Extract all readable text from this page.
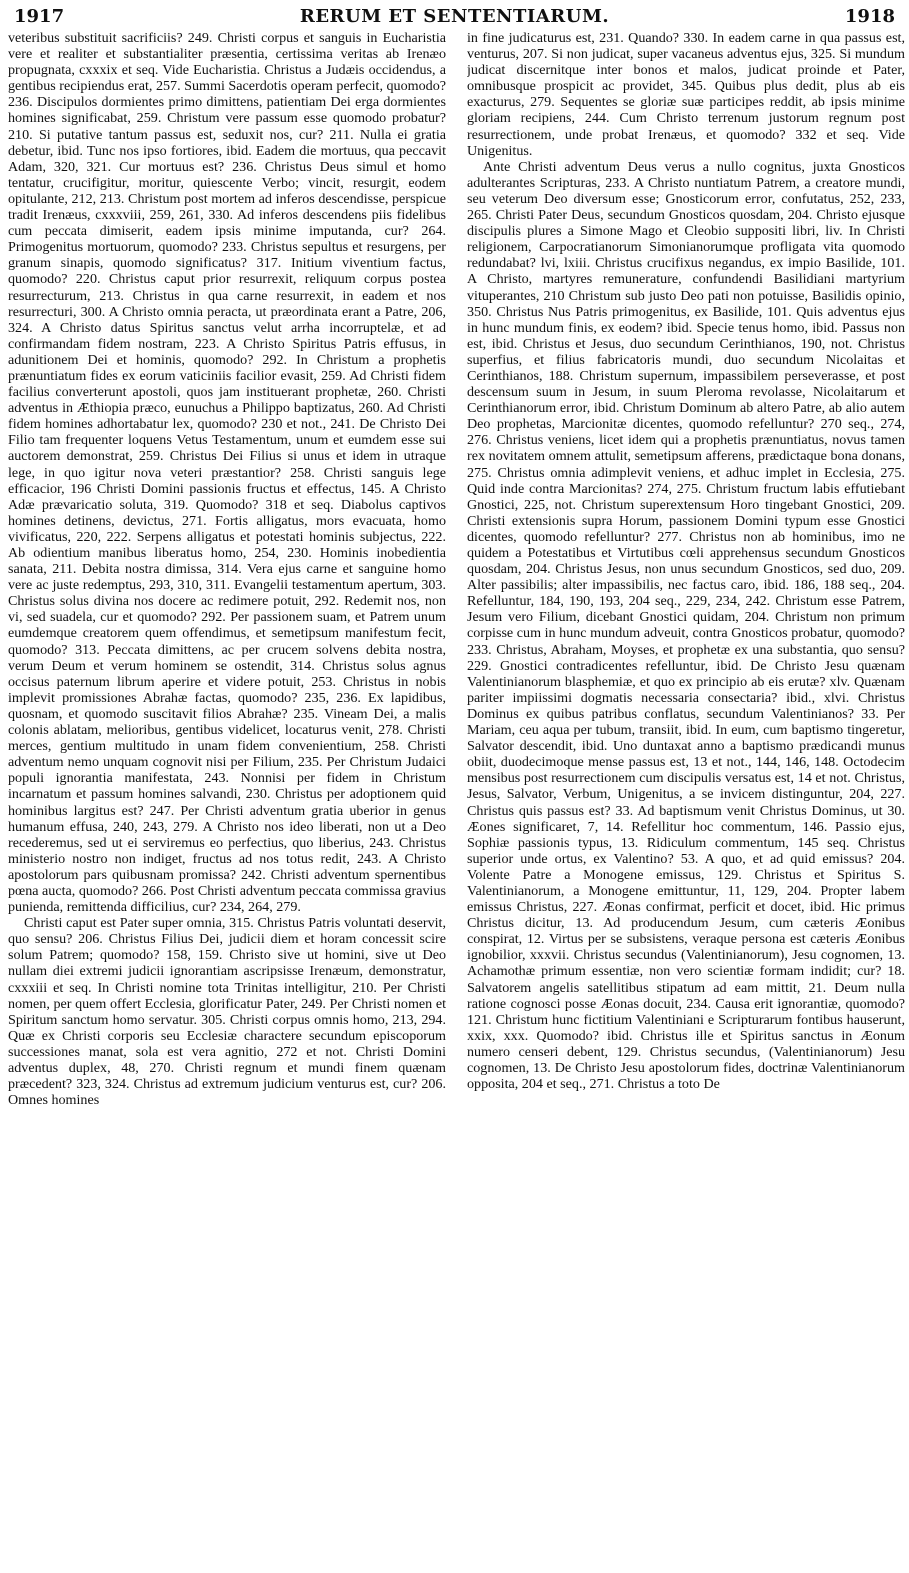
1917	RERUM ET SENTENTIARUM.	1918

veteribus substituit sacrificiis? 249. Christi corpus et sanguis in Eucharistia vere et realiter et substantialiter præsentia, certissima veritas ab Irenæo propugnata, cxxxix et seq. Vide Eucharistia. Christus a Judæis occidendus, a gentibus recipiendus erat, 257. Summi Sacerdotis operam perfecit, quomodo? 236. Discipulos dormientes primo dimittens, patientiam Dei erga dormientes homines significabat, 259. Christum vere passum esse quomodo probatur? 210. Si putative tantum passus est, seduxit nos, cur? 211. Nulla ei gratia debetur, ibid. Tunc nos ipso fortiores, ibid. Eadem die mortuus, qua peccavit Adam, 320, 321. Cur mortuus est? 236. Christus Deus simul et homo tentatur, crucifigitur, moritur, quiescente Verbo; vincit, resurgit, eodem opitulante, 212, 213. Christum post mortem ad inferos descendisse, perspicue tradit Irenæus, cxxxviii, 259, 261, 330. Ad inferos descendens piis fidelibus cum peccata dimiserit, eadem ipsis minime imputanda, cur? 264. Primogenitus mortuorum, quomodo? 233. Christus sepultus et resurgens, per granum sinapis, quomodo significatus? 317. Initium viventium factus, quomodo? 220. Christus caput prior resurrexit, reliquum corpus postea resurrecturum, 213. Christus in qua carne resurrexit, in eadem et nos resurrecturi, 300. A Christo omnia peracta, ut præordinata erant a Patre, 206, 324. A Christo datus Spiritus sanctus velut arrha incorruptelæ, et ad confirmandam fidem nostram, 223. A Christo Spiritus Patris effusus, in adunitionem Dei et hominis, quomodo? 292. In Christum a prophetis prænuntiatum fides ex eorum vaticiniis facilior evasit, 259. Ad Christi fidem facilius converterunt apostoli, quos jam instituerant prophetæ, 260. Christi adventus in Æthiopia præco, eunuchus a Philippo baptizatus, 260. Ad Christi fidem homines adhortabatur lex, quomodo? 230 et not., 241. De Christo Dei Filio tam frequenter loquens Vetus Testamentum, unum et eumdem esse sui auctorem demonstrat, 259. Christus Dei Filius si unus et idem in utraque lege, in quo igitur nova veteri præstantior? 258. Christi sanguis lege efficacior, 196 Christi Domini passionis fructus et effectus, 145. A Christo Adæ prævaricatio soluta, 319. Quomodo? 318 et seq. Diabolus captivos homines detinens, devictus, 271. Fortis alligatus, mors evacuata, homo vivificatus, 220, 222. Serpens alligatus et potestati hominis subjectus, 222. Ab odientium manibus liberatus homo, 254, 230. Hominis inobedientia sanata, 211. Debita nostra dimissa, 314. Vera ejus carne et sanguine homo vere ac juste redemptus, 293, 310, 311. Evangelii testamentum apertum, 303. Christus solus divina nos docere ac redimere potuit, 292. Redemit nos, non vi, sed suadela, cur et quomodo? 292. Per passionem suam, et Patrem unum eumdemque creatorem quem offendimus, et semetipsum manifestum fecit, quomodo? 313. Peccata dimittens, ac per crucem solvens debita nostra, verum Deum et verum hominem se ostendit, 314. Christus solus agnus occisus paternum librum aperire et videre potuit, 253. Christus in nobis implevit promissiones Abrahæ factas, quomodo? 235, 236. Ex lapidibus, quosnam, et quomodo suscitavit filios Abrahæ? 235. Vineam Dei, a malis colonis ablatam, melioribus, gentibus videlicet, locaturus venit, 278. Christi merces, gentium multitudo in unam fidem convenientium, 258. Christi adventum nemo unquam cognovit nisi per Filium, 235. Per Christum Judaici populi ignorantia manifestata, 243. Nonnisi per fidem in Christum incarnatum et passum homines salvandi, 230. Christus per adoptionem quid hominibus largitus est? 247. Per Christi adventum gratia uberior in genus humanum effusa, 240, 243, 279. A Christo nos ideo liberati, non ut a Deo recederemus, sed ut ei serviremus eo perfectius, quo liberius, 243. Christus ministerio nostro non indiget, fructus ad nos totus redit, 243. A Christo apostolorum pars quibusnam promissa? 242. Christi adventum spernentibus pœna aucta, quomodo? 266. Post Christi adventum peccata commissa gravius punienda, remittenda difficilius, cur? 234, 264, 279.

Christi caput est Pater super omnia, 315. Christus Patris voluntati deservit, quo sensu? 206. Christus Filius Dei, judicii diem et horam concessit scire solum Patrem; quomodo? 158, 159. Christo sive ut homini, sive ut Deo nullam diei extremi judicii ignorantiam ascripsisse Irenæum, demonstratur, cxxxiii et seq. In Christi nomine tota Trinitas intelligitur, 210. Per Christi nomen, per quem offert Ecclesia, glorificatur Pater, 249. Per Christi nomen et Spiritum sanctum homo servatur. 305. Christi corpus omnis homo, 213, 294. Quæ ex Christi corporis seu Ecclesiæ charactere secundum episcoporum successiones manat, sola est vera agnitio, 272 et not. Christi Domini adventus duplex, 48, 270. Christi regnum et mundi finem quænam præcedent? 323, 324. Christus ad extremum judicium venturus est, cur? 206. Omnes homines

in fine judicaturus est, 231. Quando? 330. In eadem carne in qua passus est, venturus, 207. Si non judicat, super vacaneus adventus ejus, 325. Si mundum judicat discernitque inter bonos et malos, judicat proinde et Pater, omnibusque prospicit ac providet, 345. Quibus plus dedit, plus ab eis exacturus, 279. Sequentes se gloriæ suæ participes reddit, ab ipsis minime gloriam recipiens, 244. Cum Christo terrenum justorum regnum post resurrectionem, unde probat Irenæus, et quomodo? 332 et seq. Vide Unigenitus.

Ante Christi adventum Deus verus a nullo cognitus, juxta Gnosticos adulterantes Scripturas, 233. A Christo nuntiatum Patrem, a creatore mundi, seu veterum Deo diversum esse; Gnosticorum error, confutatus, 252, 233, 265. Christi Pater Deus, secundum Gnosticos quosdam, 204. Christo ejusque discipulis plures a Simone Mago et Cleobio suppositi libri, liv. In Christi religionem, Carpocratianorum Simonianorumque profligata vita quomodo redundabat? lvi, lxiii. Christus crucifixus negandus, ex impio Basilide, 101. A Christo, martyres remunerature, confundendi Basilidiani martyrium vituperantes, 210 Christum sub justo Deo pati non potuisse, Basilidis opinio, 350. Christus Nus Patris primogenitus, ex Basilide, 101. Quis adventus ejus in hunc mundum finis, ex eodem? ibid. Specie tenus homo, ibid. Passus non est, ibid. Christus et Jesus, duo secundum Cerinthianos, 190, not. Christus superfius, et filius fabricatoris mundi, duo secundum Nicolaitas et Cerinthianos, 188. Christum supernum, impassibilem perseverasse, et post descensum suum in Jesum, in suum Pleroma revolasse, Nicolaitarum et Cerinthianorum error, ibid. Christum Dominum ab altero Patre, ab alio autem Deo prophetas, Marcionitæ dicentes, quomodo refelluntur? 270 seq., 274, 276. Christus veniens, licet idem qui a prophetis prænuntiatus, novus tamen rex novitatem omnem attulit, semetipsum afferens, prædictaque bona donans, 275. Christus omnia adimplevit veniens, et adhuc implet in Ecclesia, 275. Quid inde contra Marcionitas? 274, 275. Christum fructum labis effutiebant Gnostici, 225, not. Christum superextensum Horo tingebant Gnostici, 209. Christi extensionis supra Horum, passionem Domini typum esse Gnostici dicentes, quomodo refelluntur? 277. Christus non ab hominibus, imo ne quidem a Potestatibus et Virtutibus cœli apprehensus secundum Gnosticos quosdam, 204. Christus Jesus, non unus secundum Gnosticos, sed duo, 209. Alter passibilis; alter impassibilis, nec factus caro, ibid. 186, 188 seq., 204. Refelluntur, 184, 190, 193, 204 seq., 229, 234, 242. Christum esse Patrem, Jesum vero Filium, dicebant Gnostici quidam, 204. Christum non primum corpisse cum in hunc mundum adveuit, contra Gnosticos probatur, quomodo? 233. Christus, Abraham, Moyses, et prophetæ ex una substantia, quo sensu? 229. Gnostici contradicentes refelluntur, ibid. De Christo Jesu quænam Valentinianorum blasphemiæ, et quo ex principio ab eis erutæ? xlv. Quænam pariter impiissimi dogmatis necessaria consectaria? ibid., xlvi. Christus Dominus ex quibus patribus conflatus, secundum Valentinianos? 33. Per Mariam, ceu aqua per tubum, transiit, ibid. In eum, cum baptismo tingeretur, Salvator descendit, ibid. Uno duntaxat anno a baptismo prædicandi munus obiit, duodecimoque mense passus est, 13 et not., 144, 146, 148. Octodecim mensibus post resurrectionem cum discipulis versatus est, 14 et not. Christus, Jesus, Salvator, Verbum, Unigenitus, a se invicem distinguntur, 204, 227. Christus quis passus est? 33. Ad baptismum venit Christus Dominus, ut 30. Æones significaret, 7, 14. Refellitur hoc commentum, 146. Passio ejus, Sophiæ passionis typus, 13. Ridiculum commentum, 145 seq. Christus superior unde ortus, ex Valentino? 53. A quo, et ad quid emissus? 204. Volente Patre a Monogene emissus, 129. Christus et Spiritus S. Valentinianorum, a Monogene emittuntur, 11, 129, 204. Propter labem emissus Christus, 227. Æonas confirmat, perficit et docet, ibid. Hic primus Christus dicitur, 13. Ad producendum Jesum, cum cæteris Æonibus conspirat, 12. Virtus per se subsistens, veraque persona est cæteris Æonibus ignobilior, xxxvii. Christus secundus (Valentinianorum), Jesu cognomen, 13. Achamothæ primum essentiæ, non vero scientiæ formam indidit; cur? 18. Salvatorem angelis satellitibus stipatum ad eam mittit, 21. Deum nulla ratione cognosci posse Æonas docuit, 234. Causa erit ignorantiæ, quomodo? 121. Christum hunc fictitium Valentiniani e Scripturarum fontibus hauserunt, xxix, xxx. Quomodo? ibid. Christus ille et Spiritus sanctus in Æonum numero censeri debent, 129. Christus secundus, (Valentinianorum) Jesu cognomen, 13. De Christo Jesu apostolorum fides, doctrinæ Valentinianorum opposita, 204 et seq., 271. Christus a toto De
